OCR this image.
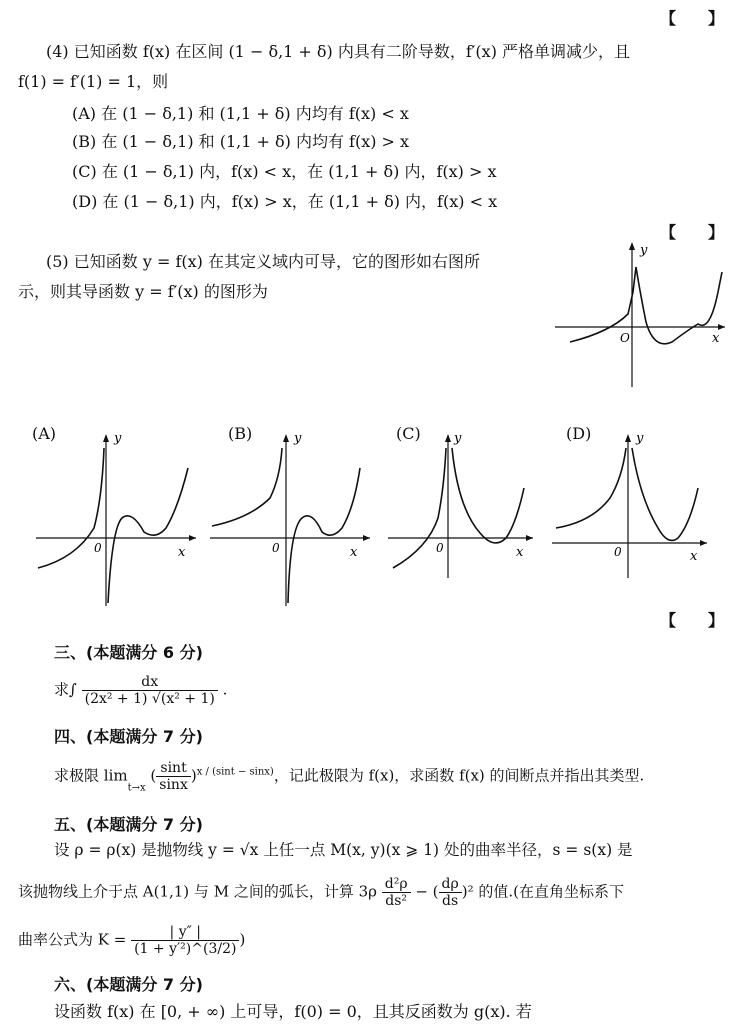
【　　】
【　　】
【　　】
(4) 已知函数 f(x) 在区间 (1 − δ,1 + δ) 内具有二阶导数，f′(x) 严格单调减少，且
f(1) = f′(1) = 1，则
(A) 在 (1 − δ,1) 和 (1,1 + δ) 内均有 f(x) < x
(B) 在 (1 − δ,1) 和 (1,1 + δ) 内均有 f(x) > x
(C) 在 (1 − δ,1) 内，f(x) < x，在 (1,1 + δ) 内，f(x) > x
(D) 在 (1 − δ,1) 内，f(x) > x，在 (1,1 + δ) 内，f(x) < x
(5) 已知函数 y = f(x) 在其定义域内可导，它的图形如右图所
示，则其导函数 y = f′(x) 的图形为
O	x
y
(A)
0	x
y	(B)
0	x
y	(C)
0	x
y	(D)
0	x
y
三、(本题满分 6 分)
求∫ $\frac{dx}{\text{(2x² + 1) √(x² + 1)}}$ .
四、(本题满分 7 分)
求极限 $\lim_{t\to x}$ ( $\frac{\sin t}{\sin x} )^{x / (sint - sinx)}$，记此极限为 f(x)，求函数 f(x) 的间断点并指出其类型.
五、(本题满分 7 分)
设 ρ = ρ(x) 是抛物线 y = √x 上任一点 M(x, y)(x ⩾ 1) 处的曲率半径，s = s(x) 是
该抛物线上介于点 A(1,1) 与 M 之间的弧长，计算 $3\rho \frac{\text{d²ρ}}{\text{ds²}}$ − ( $\frac{d\rho}{ds} )^2$ 的值.(在直角坐标系下
曲率公式为 $K = \frac{| y'' |}{\text{(1 + y′²)\textasciicircum{}(3/2)}}$ )
六、(本题满分 7 分)
设函数 f(x) 在 [0, + ∞) 上可导，f(0) = 0，且其反函数为 g(x). 若
